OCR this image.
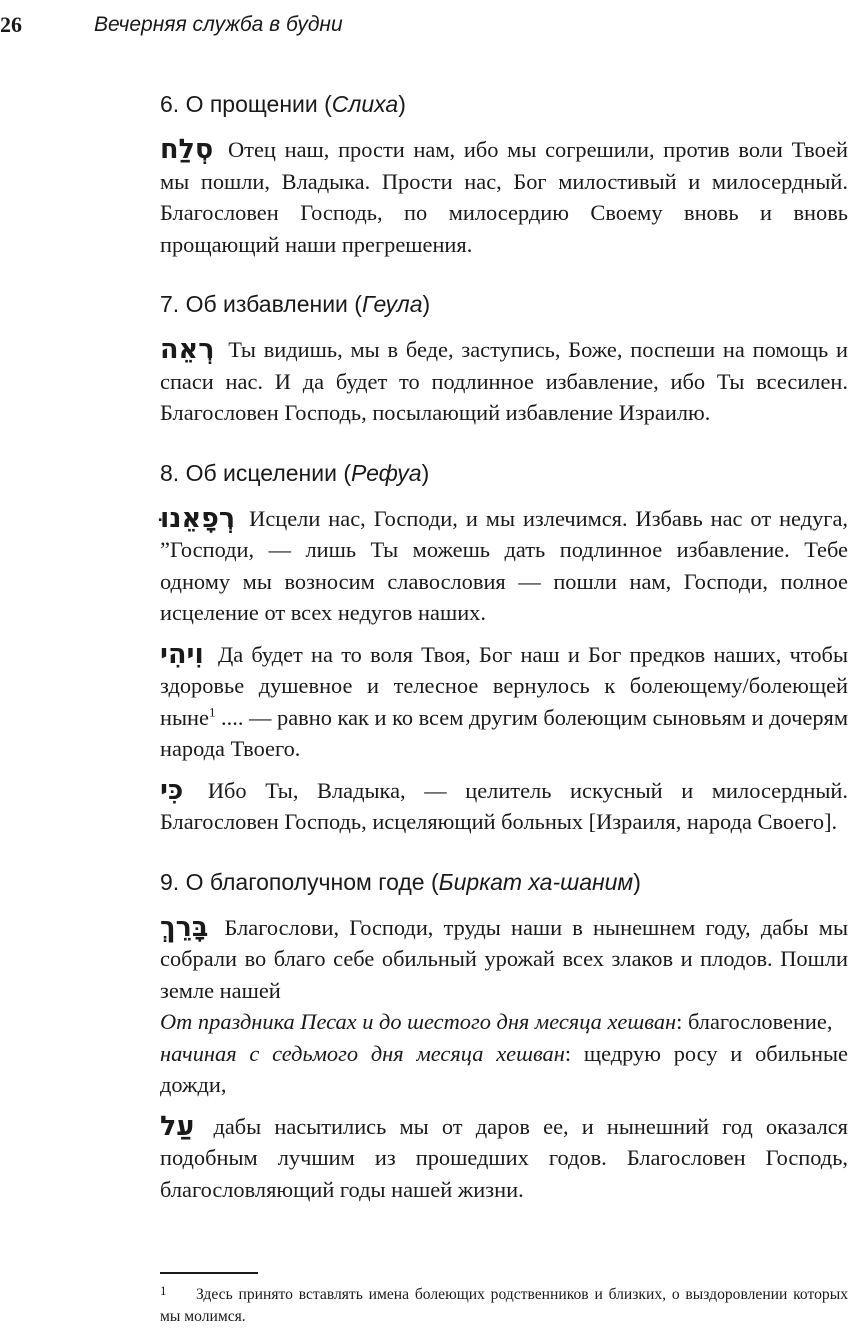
26	Вечерняя служба в будни
6. О прощении (Слиха)

סְלַח Отец наш, прости нам, ибо мы согрешили, против воли Твоей мы пошли, Владыка. Прости нас, Бог милостивый и милосердный. Благословен Господь, по милосердию Своему вновь и вновь прощающий наши прегрешения.

7. Об избавлении (Геула)

רְאֵה Ты видишь, мы в беде, заступись, Боже, поспеши на помощь и спаси нас. И да будет то подлинное избавление, ибо Ты всесилен. Благословен Господь, посылающий избавление Израилю.

8. Об исцелении (Рефуа)

רְפָאֵנוּ Исцели нас, Господи, и мы излечимся. Избавь нас от недуга, ”Господи, — лишь Ты можешь дать подлинное избавление. Тебе одному мы возносим славословия — пошли нам, Господи, полное исцеление от всех недугов наших.

וִיהִי Да будет на то воля Твоя, Бог наш и Бог предков наших, чтобы здоровье душевное и телесное вернулось к болеющему/болеющей ныне$^1$ .... — равно как и ко всем другим болеющим сыновьям и дочерям народа Твоего.

כִּי Ибо Ты, Владыка, — целитель искусный и милосердный. Благословен Господь, исцеляющий больных [Израиля, народа Своего].

9. О благополучном годе (Биркат ха-шаним)

בָּרֵךְ Благослови, Господи, труды наши в нынешнем году, дабы мы собрали во благо себе обильный урожай всех злаков и плодов. Пошли земле нашей

От праздника Песах и до шестого дня месяца хешван: благословение,

начиная с седьмого дня месяца хешван: щедрую росу и обильные дожди,

עַל дабы насытились мы от даров ее, и нынешний год оказался подобным лучшим из прошедших годов. Благословен Господь, благословляющий годы нашей жизни.

1 Здесь принято вставлять имена болеющих родственников и близких, о выздоровлении которых мы молимся.
